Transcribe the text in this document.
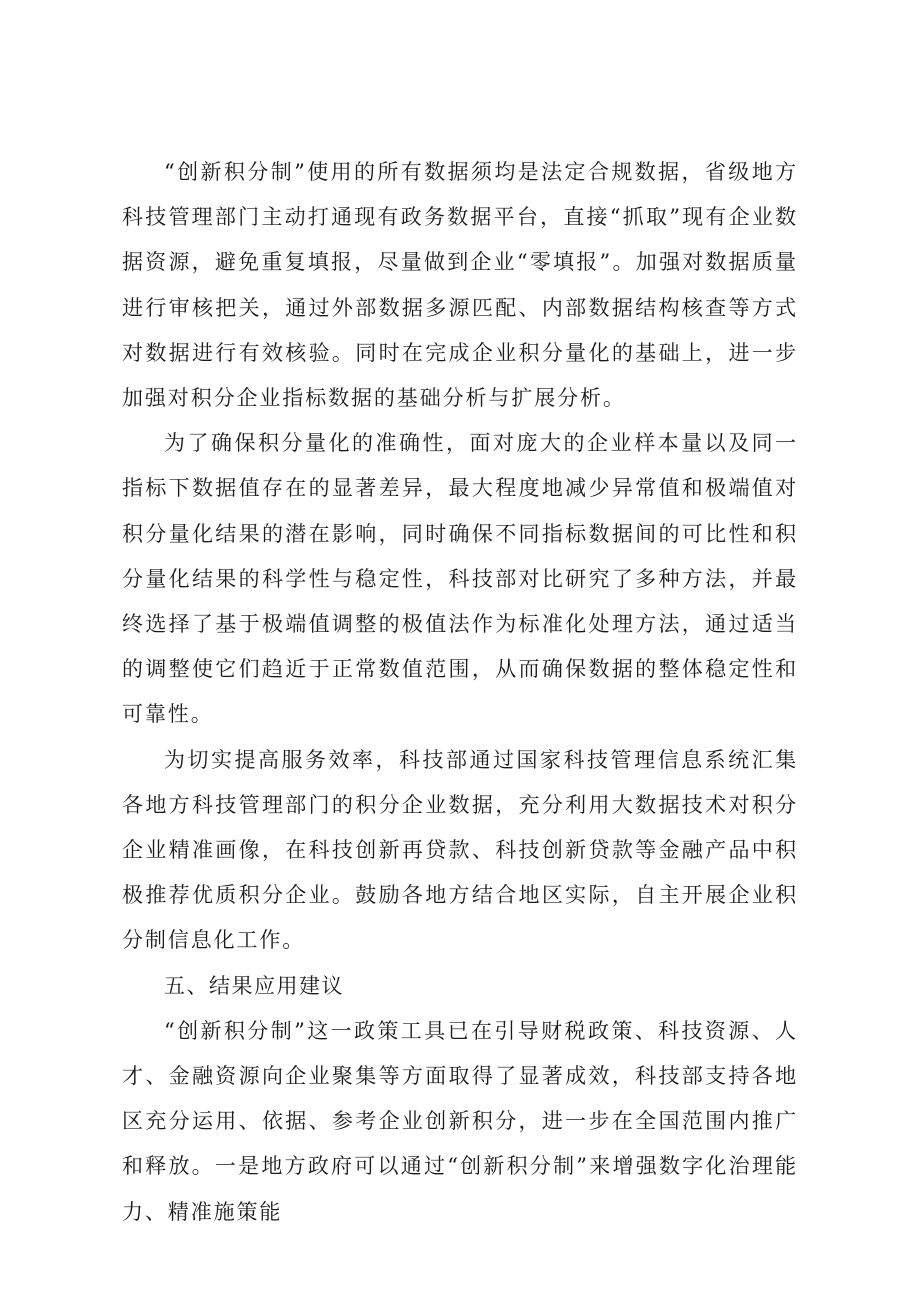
“创新积分制”使用的所有数据须均是法定合规数据，省级地方科技管理部门主动打通现有政务数据平台，直接“抓取”现有企业数据资源，避免重复填报，尽量做到企业“零填报”。加强对数据质量进行审核把关，通过外部数据多源匹配、内部数据结构核查等方式对数据进行有效核验。同时在完成企业积分量化的基础上，进一步加强对积分企业指标数据的基础分析与扩展分析。

为了确保积分量化的准确性，面对庞大的企业样本量以及同一指标下数据值存在的显著差异，最大程度地减少异常值和极端值对积分量化结果的潜在影响，同时确保不同指标数据间的可比性和积分量化结果的科学性与稳定性，科技部对比研究了多种方法，并最终选择了基于极端值调整的极值法作为标准化处理方法，通过适当的调整使它们趋近于正常数值范围，从而确保数据的整体稳定性和可靠性。

为切实提高服务效率，科技部通过国家科技管理信息系统汇集各地方科技管理部门的积分企业数据，充分利用大数据技术对积分企业精准画像，在科技创新再贷款、科技创新贷款等金融产品中积极推荐优质积分企业。鼓励各地方结合地区实际，自主开展企业积分制信息化工作。

五、结果应用建议

“创新积分制”这一政策工具已在引导财税政策、科技资源、人才、金融资源向企业聚集等方面取得了显著成效，科技部支持各地区充分运用、依据、参考企业创新积分，进一步在全国范围内推广和释放。一是地方政府可以通过“创新积分制”来增强数字化治理能力、精准施策能
